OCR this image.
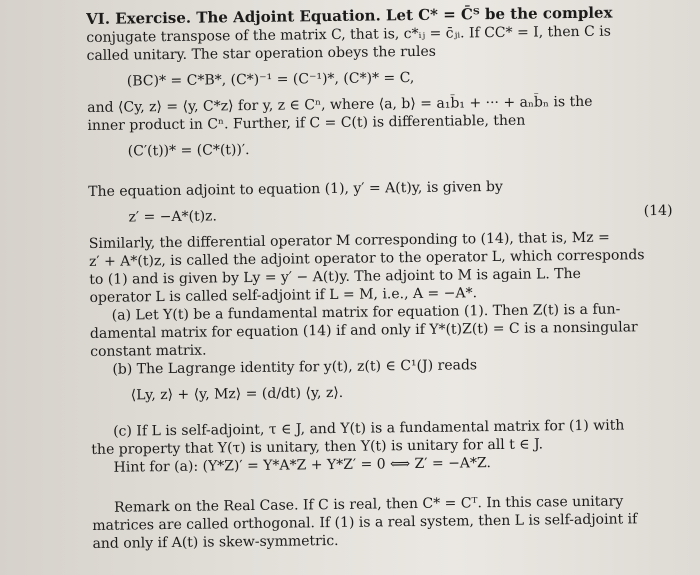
VI. Exercise. The Adjoint Equation. Let C* = C̄ᵀ be the complex
conjugate transpose of the matrix C, that is, c*ᵢⱼ = c̄ⱼᵢ. If CC* = I, then C is
called unitary. The star operation obeys the rules
(BC)* = C*B*, (C*)⁻¹ = (C⁻¹)*, (C*)* = C,
and ⟨Cy, z⟩ = ⟨y, C*z⟩ for y, z ∈ Cⁿ, where ⟨a, b⟩ = a₁b̄₁ + ··· + aₙb̄ₙ is the
inner product in Cⁿ. Further, if C = C(t) is differentiable, then
(C′(t))* = (C*(t))′.
The equation adjoint to equation (1), y′ = A(t)y, is given by
z′ = −A*(t)z.	(14)
Similarly, the differential operator M corresponding to (14), that is, Mz =
z′ + A*(t)z, is called the adjoint operator to the operator L, which corresponds
to (1) and is given by Ly = y′ − A(t)y. The adjoint to M is again L. The
operator L is called self-adjoint if L = M, i.e., A = −A*.
(a) Let Y(t) be a fundamental matrix for equation (1). Then Z(t) is a fun-
damental matrix for equation (14) if and only if Y*(t)Z(t) = C is a nonsingular
constant matrix.
(b) The Lagrange identity for y(t), z(t) ∈ C¹(J) reads
⟨Ly, z⟩ + ⟨y, Mz⟩ = (d/dt) ⟨y, z⟩.
(c) If L is self-adjoint, τ ∈ J, and Y(t) is a fundamental matrix for (1) with
the property that Y(τ) is unitary, then Y(t) is unitary for all t ∈ J.
Hint for (a): (Y*Z)′ = Y*A*Z + Y*Z′ = 0 ⟺ Z′ = −A*Z.
Remark on the Real Case. If C is real, then C* = Cᵀ. In this case unitary
matrices are called orthogonal. If (1) is a real system, then L is self-adjoint if
and only if A(t) is skew-symmetric.
